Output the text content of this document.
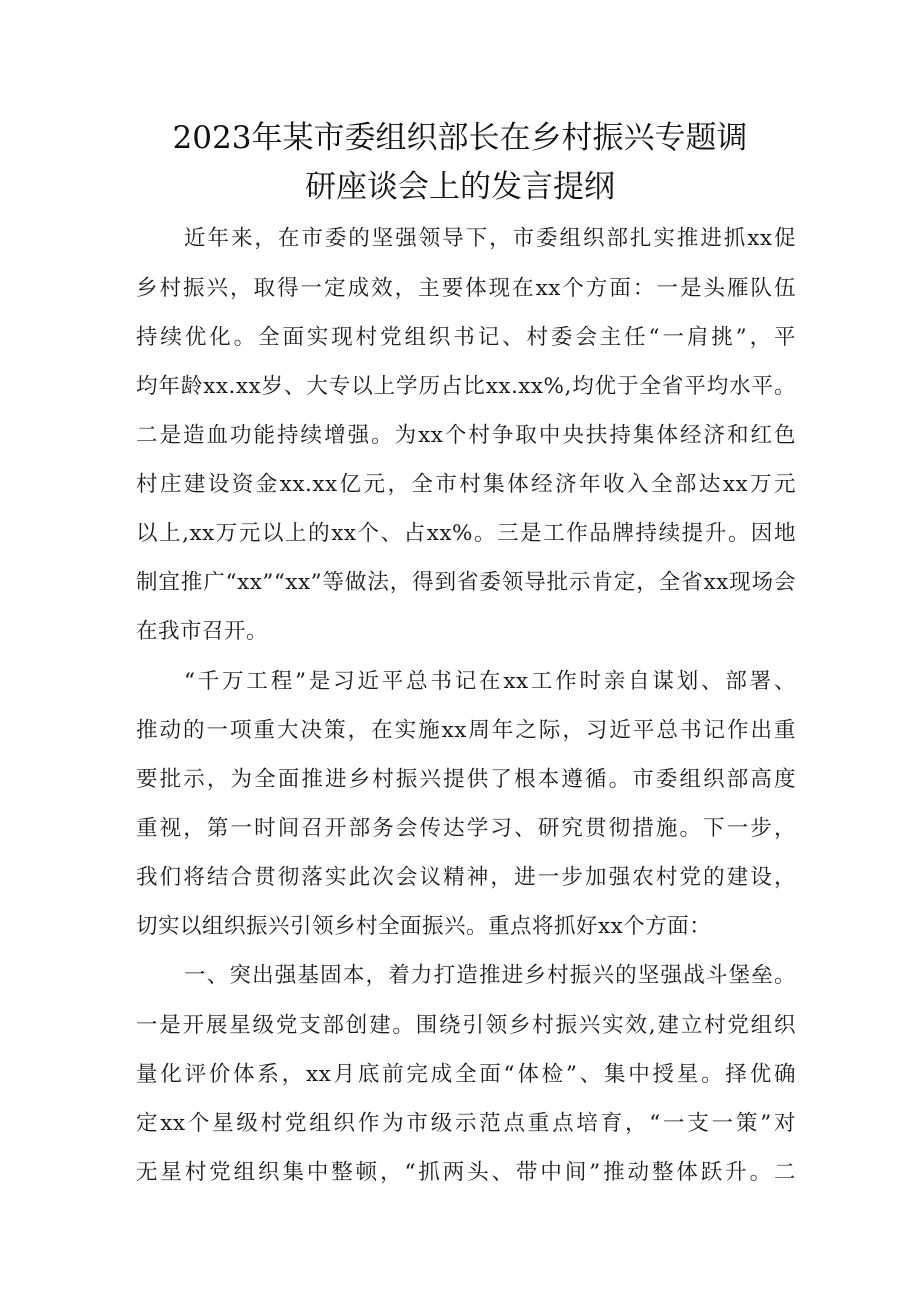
2023年某市委组织部长在乡村振兴专题调
研座谈会上的发言提纲
近年来，在市委的坚强领导下，市委组织部扎实推进抓xx促
乡村振兴，取得一定成效，主要体现在xx个方面：一是头雁队伍
持续优化。全面实现村党组织书记、村委会主任“一肩挑”，平
均年龄xx.xx岁、大专以上学历占比xx.xx%,均优于全省平均水平。
二是造血功能持续增强。为xx个村争取中央扶持集体经济和红色
村庄建设资金xx.xx亿元，全市村集体经济年收入全部达xx万元
以上,xx万元以上的xx个、占xx%。三是工作品牌持续提升。因地
制宜推广“xx”“xx”等做法，得到省委领导批示肯定，全省xx现场会
在我市召开。
“千万工程”是习近平总书记在xx工作时亲自谋划、部署、
推动的一项重大决策，在实施xx周年之际，习近平总书记作出重
要批示，为全面推进乡村振兴提供了根本遵循。市委组织部高度
重视，第一时间召开部务会传达学习、研究贯彻措施。下一步，
我们将结合贯彻落实此次会议精神，进一步加强农村党的建设，
切实以组织振兴引领乡村全面振兴。重点将抓好xx个方面：
一、突出强基固本，着力打造推进乡村振兴的坚强战斗堡垒。
一是开展星级党支部创建。围绕引领乡村振兴实效,建立村党组织
量化评价体系，xx月底前完成全面“体检”、集中授星。择优确
定xx个星级村党组织作为市级示范点重点培育，“一支一策”对
无星村党组织集中整顿，“抓两头、带中间”推动整体跃升。二
